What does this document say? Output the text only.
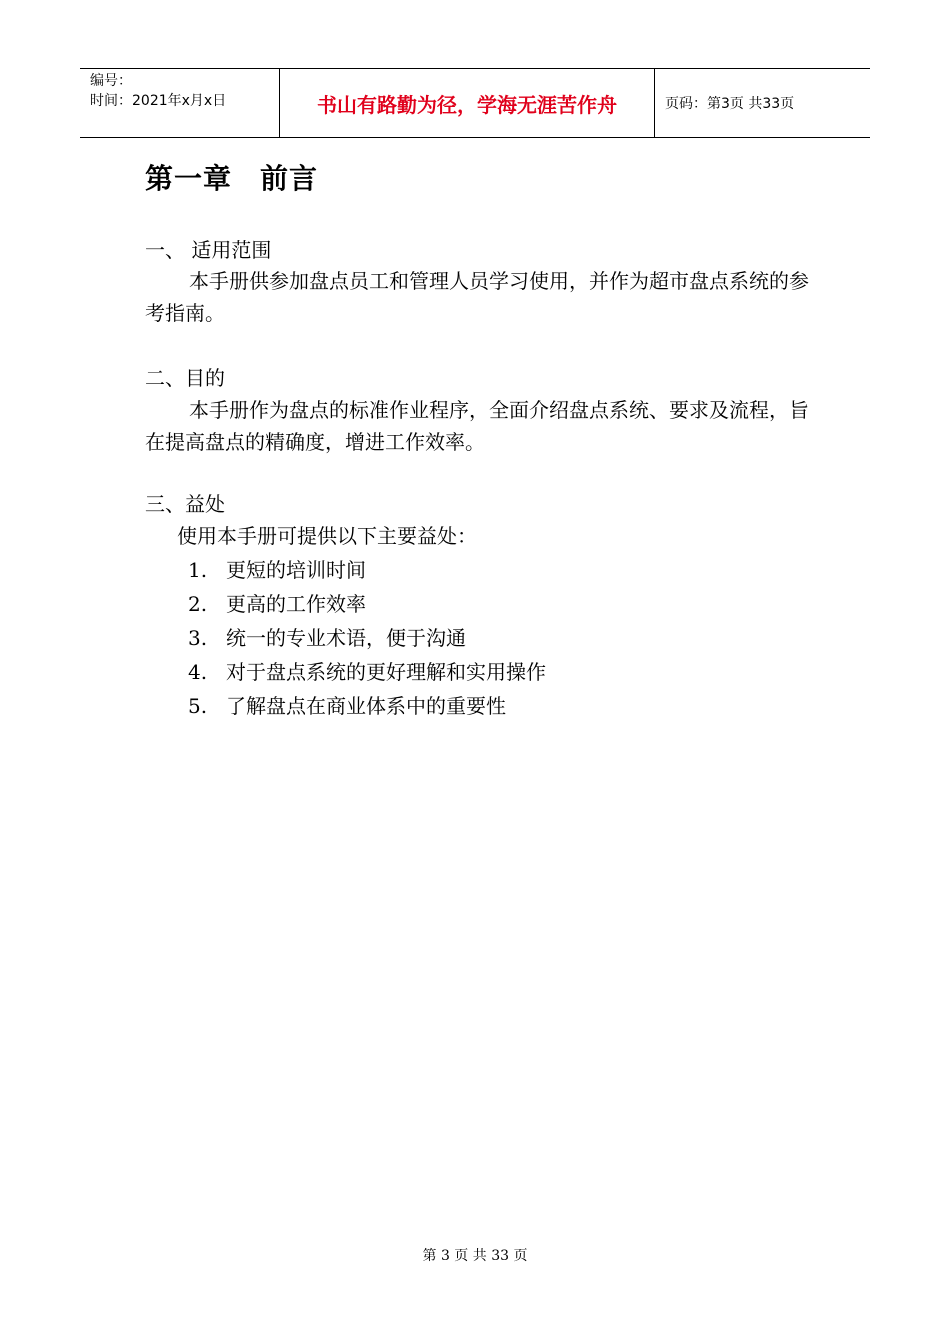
编号：
时间：2021年x月x日	书山有路勤为径，学海无涯苦作舟	页码：第3页 共33页
第一章 前言
一、 适用范围
本手册供参加盘点员工和管理人员学习使用，并作为超市盘点系统的参考指南。
二、目的
本手册作为盘点的标准作业程序，全面介绍盘点系统、要求及流程，旨在提高盘点的精确度，增进工作效率。
三、益处
使用本手册可提供以下主要益处：
1. 更短的培训时间
2. 更高的工作效率
3. 统一的专业术语，便于沟通
4. 对于盘点系统的更好理解和实用操作
5. 了解盘点在商业体系中的重要性
第 3 页 共 33 页
